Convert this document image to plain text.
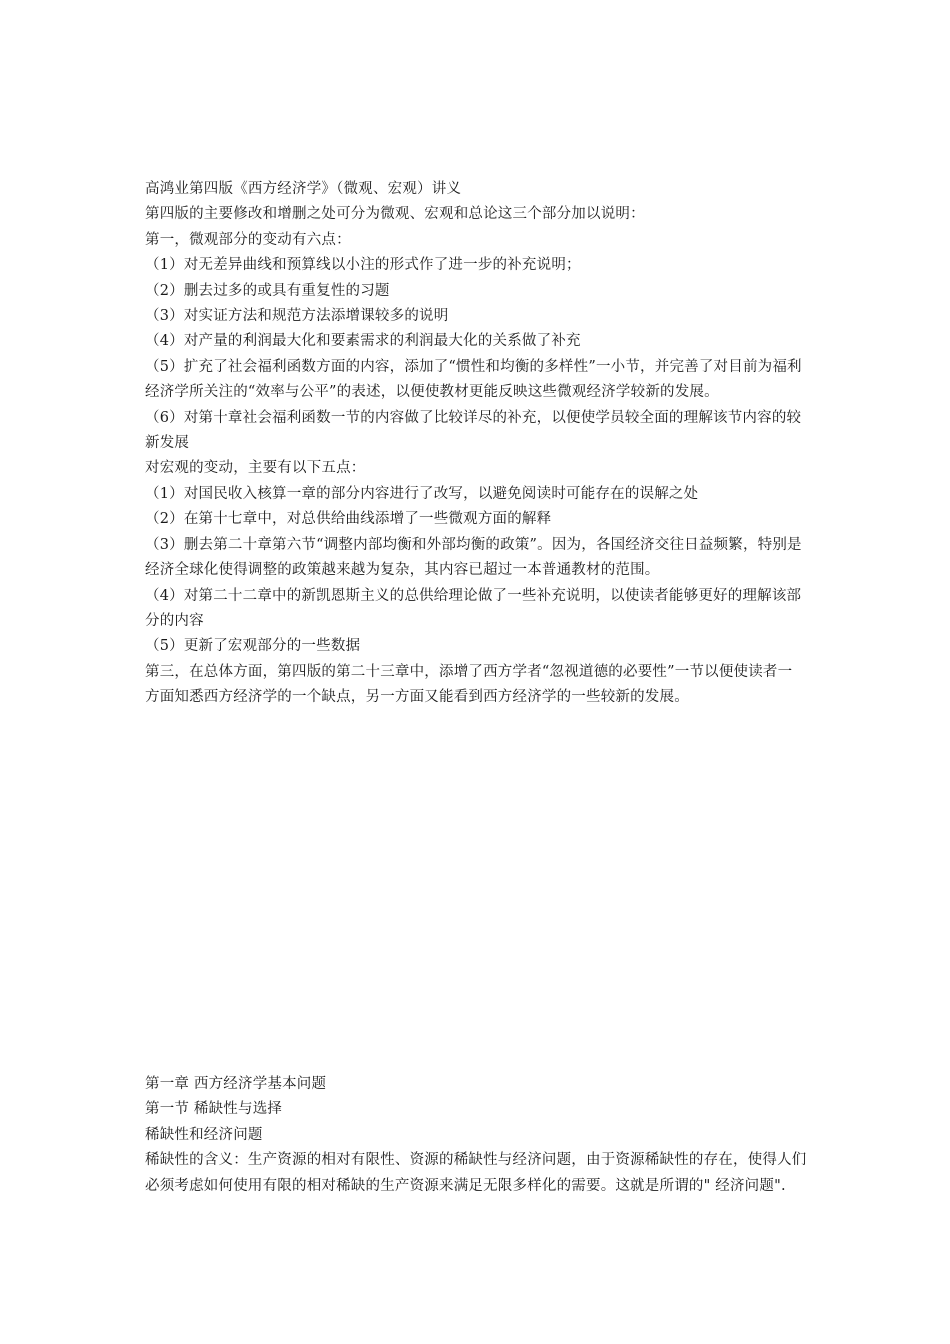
高鸿业第四版《西方经济学》（微观、宏观）讲义

第四版的主要修改和增删之处可分为微观、宏观和总论这三个部分加以说明：

第一，微观部分的变动有六点：

（1）对无差异曲线和预算线以小注的形式作了进一步的补充说明；

（2）删去过多的或具有重复性的习题

（3）对实证方法和规范方法添增课较多的说明

（4）对产量的利润最大化和要素需求的利润最大化的关系做了补充

（5）扩充了社会福利函数方面的内容，添加了“惯性和均衡的多样性”一小节，并完善了对目前为福利经济学所关注的“效率与公平”的表述，以便使教材更能反映这些微观经济学较新的发展。

（6）对第十章社会福利函数一节的内容做了比较详尽的补充，以便使学员较全面的理解该节内容的较新发展

对宏观的变动，主要有以下五点：

（1）对国民收入核算一章的部分内容进行了改写，以避免阅读时可能存在的误解之处

（2）在第十七章中，对总供给曲线添增了一些微观方面的解释

（3）删去第二十章第六节“调整内部均衡和外部均衡的政策”。因为，各国经济交往日益频繁，特别是经济全球化使得调整的政策越来越为复杂，其内容已超过一本普通教材的范围。

（4）对第二十二章中的新凯恩斯主义的总供给理论做了一些补充说明，以使读者能够更好的理解该部分的内容

（5）更新了宏观部分的一些数据

第三，在总体方面，第四版的第二十三章中，添增了西方学者“忽视道德的必要性”一节以便使读者一方面知悉西方经济学的一个缺点，另一方面又能看到西方经济学的一些较新的发展。

第一章 西方经济学基本问题

第一节 稀缺性与选择

稀缺性和经济问题

稀缺性的含义：生产资源的相对有限性、资源的稀缺性与经济问题，由于资源稀缺性的存在，使得人们必须考虑如何使用有限的相对稀缺的生产资源来满足无限多样化的需要。这就是所谓的" 经济问题".
